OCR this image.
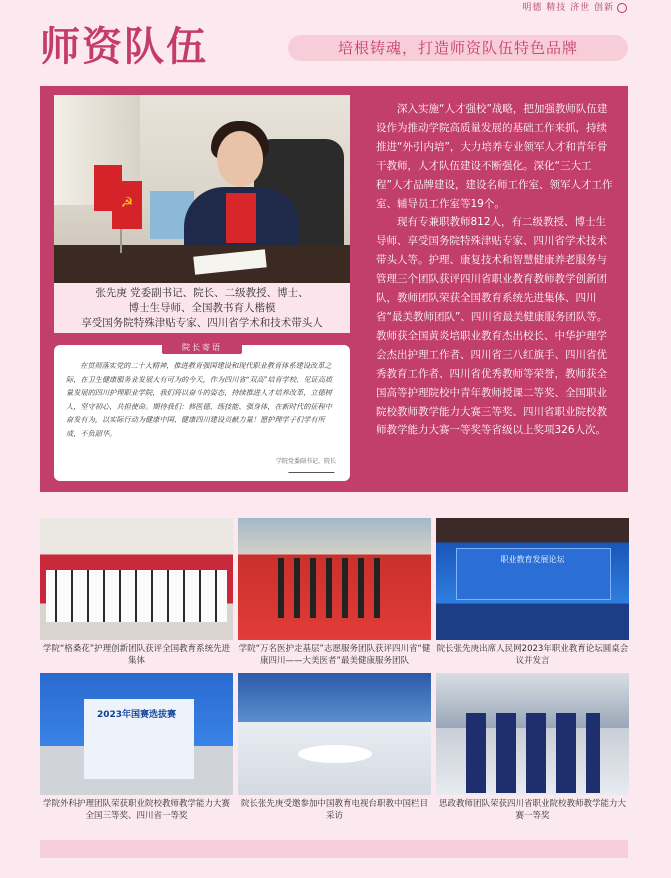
明德 精技 济世 创新
师资队伍	培根铸魂，打造师资队伍特色品牌
☭
张先庚 党委副书记、院长、二级教授、博士、
博士生导师、全国教书育人楷模
享受国务院特殊津贴专家、四川省学术和技术带头人
院长寄语
在贯彻落实党的二十大精神，推进教育强国建设和现代职业教育体系建设改革之际，在卫生健康服务业发展大有可为的今天，作为四川省“双高”培育学校、见证高质量发展的四川护理职业学院，我们将以奋斗的姿态，持续推进人才培养改革，立德树人，坚守初心，共担使命。期待我们：修医德、练技能、强身体，在新时代的征程中奋发有为，以实际行动为健康中国、健康四川建设贡献力量！愿护理学子们学有所成，不负韶华。
学院党委副书记、院长

深入实施“人才强校”战略，把加强教师队伍建设作为推动学院高质量发展的基础工作来抓，持续推进“外引内培”，大力培养专业领军人才和青年骨干教师，人才队伍建设不断强化。深化“三大工程”人才品牌建设，建设名师工作室、领军人才工作室、辅导员工作室等19个。

现有专兼职教师812人，有二级教授、博士生导师、享受国务院特殊津贴专家、四川省学术技术带头人等。护理、康复技术和智慧健康养老服务与管理三个团队获评四川省职业教育教师教学创新团队，教师团队荣获全国教育系统先进集体、四川省“最美教师团队”、四川省最美健康服务团队等。教师获全国黄炎培职业教育杰出校长、中华护理学会杰出护理工作者、四川省三八红旗手、四川省优秀教育工作者、四川省优秀教师等荣誉，教师获全国高等护理院校中青年教师授课二等奖、全国职业院校教师教学能力大赛三等奖、四川省职业院校教师教学能力大赛一等奖等省级以上奖项326人次。

学院“格桑花”护理创新团队获评全国教育系统先进集体
学院“万名医护走基层”志愿服务团队获评四川省“健康四川——大美医者”最美健康服务团队
职业教育发展论坛
院长张先庚出席人民网2023年职业教育论坛圆桌会议并发言
2023年国赛选拔赛
学院外科护理团队荣获职业院校教师教学能力大赛全国三等奖、四川省一等奖
院长张先庚受邀参加中国教育电视台职教中国栏目采访
思政教师团队荣获四川省职业院校教师教学能力大赛一等奖
